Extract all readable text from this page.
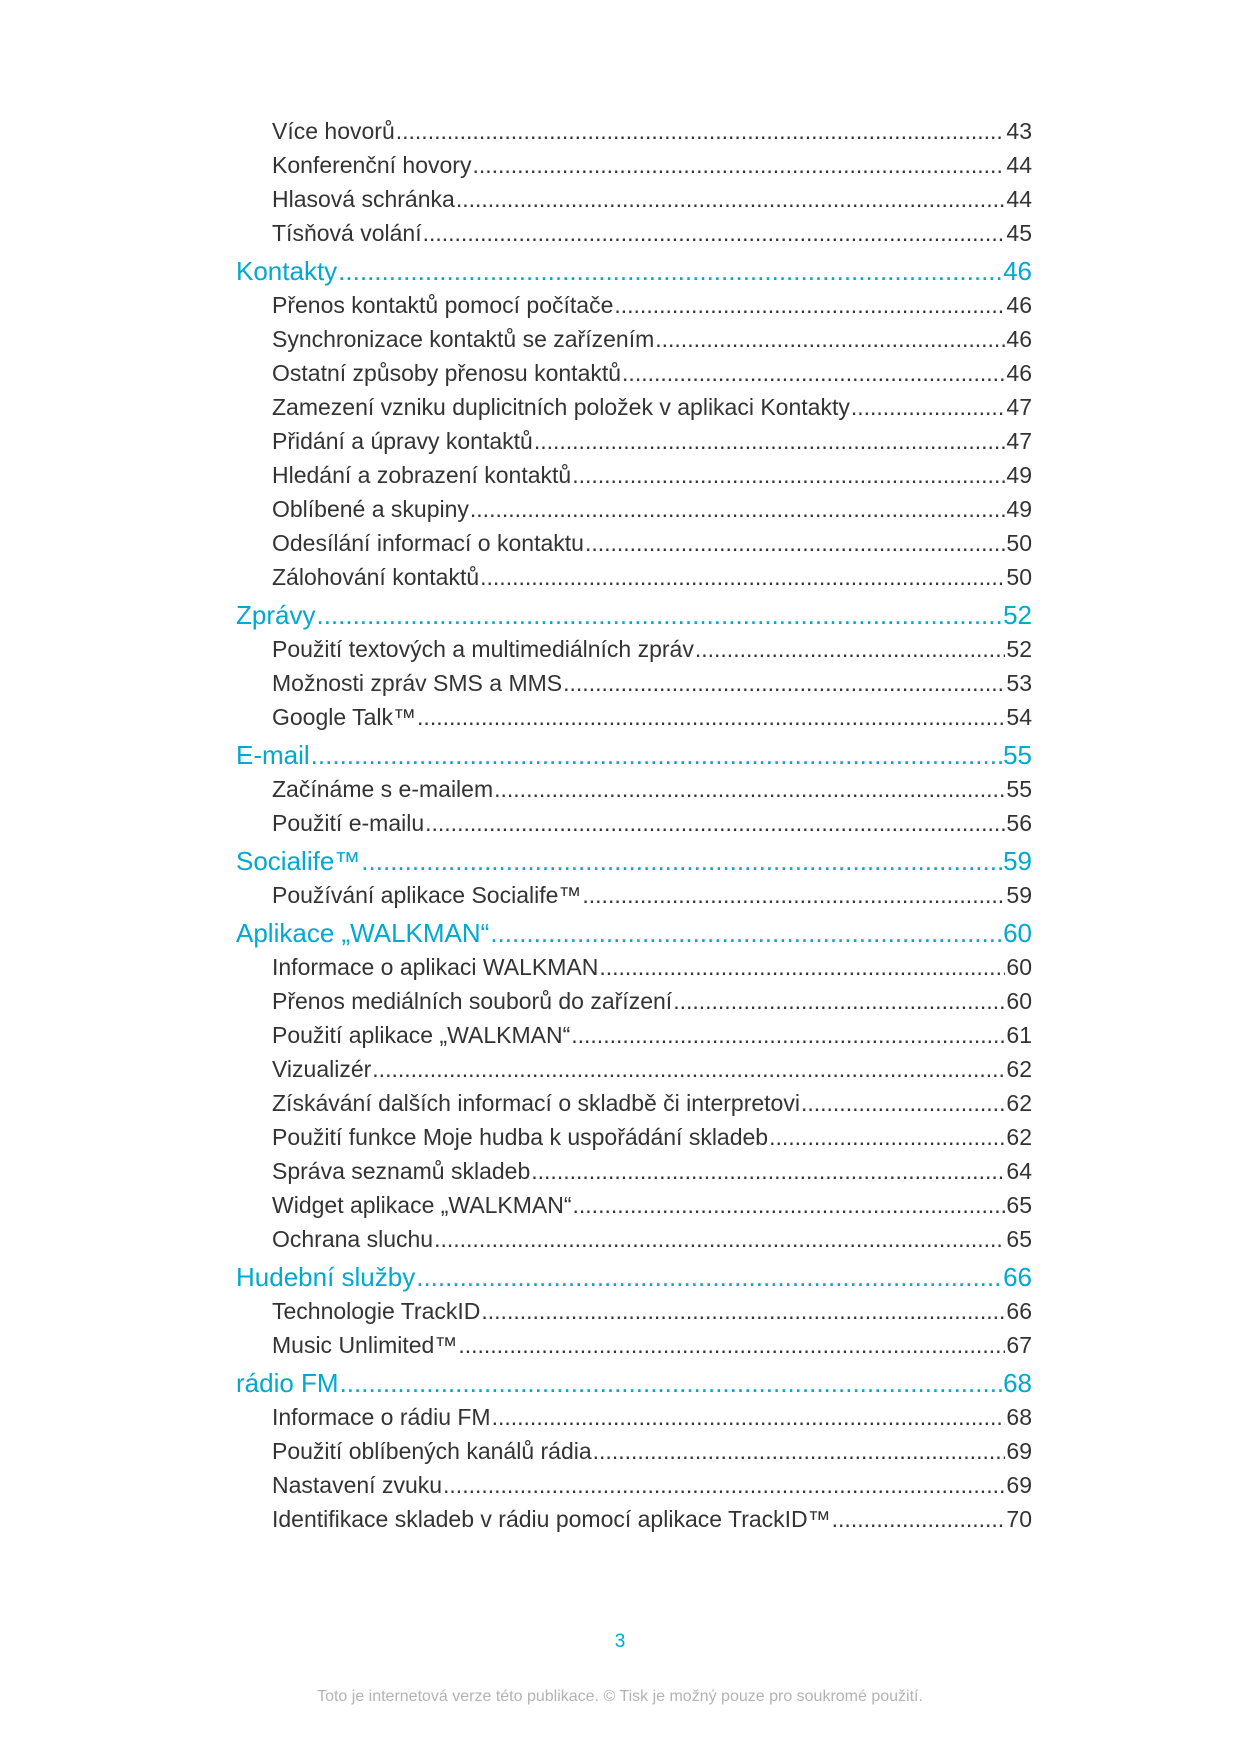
Více hovorů .....	43
Konferenční hovory .....	44
Hlasová schránka .....	44
Tísňová volání .....	45
Kontakty .....	46
Přenos kontaktů pomocí počítače .....	46
Synchronizace kontaktů se zařízením .....	46
Ostatní způsoby přenosu kontaktů .....	46
Zamezení vzniku duplicitních položek v aplikaci Kontakty .....	47
Přidání a úpravy kontaktů .....	47
Hledání a zobrazení kontaktů .....	49
Oblíbené a skupiny .....	49
Odesílání informací o kontaktu .....	50
Zálohování kontaktů .....	50
Zprávy .....	52
Použití textových a multimediálních zpráv .....	52
Možnosti zpráv SMS a MMS .....	53
Google Talk™ .....	54
E-mail .....	55
Začínáme s e-mailem .....	55
Použití e-mailu .....	56
Socialife™ .....	59
Používání aplikace Socialife™ .....	59
Aplikace „WALKMAN“ .....	60
Informace o aplikaci WALKMAN .....	60
Přenos mediálních souborů do zařízení .....	60
Použití aplikace „WALKMAN“ .....	61
Vizualizér .....	62
Získávání dalších informací o skladbě či interpretovi .....	62
Použití funkce Moje hudba k uspořádání skladeb .....	62
Správa seznamů skladeb .....	64
Widget aplikace „WALKMAN“ .....	65
Ochrana sluchu .....	65
Hudební služby .....	66
Technologie TrackID .....	66
Music Unlimited™ .....	67
rádio FM .....	68
Informace o rádiu FM .....	68
Použití oblíbených kanálů rádia .....	69
Nastavení zvuku .....	69
Identifikace skladeb v rádiu pomocí aplikace TrackID™ .....	70
3
Toto je internetová verze této publikace. © Tisk je možný pouze pro soukromé použití.
